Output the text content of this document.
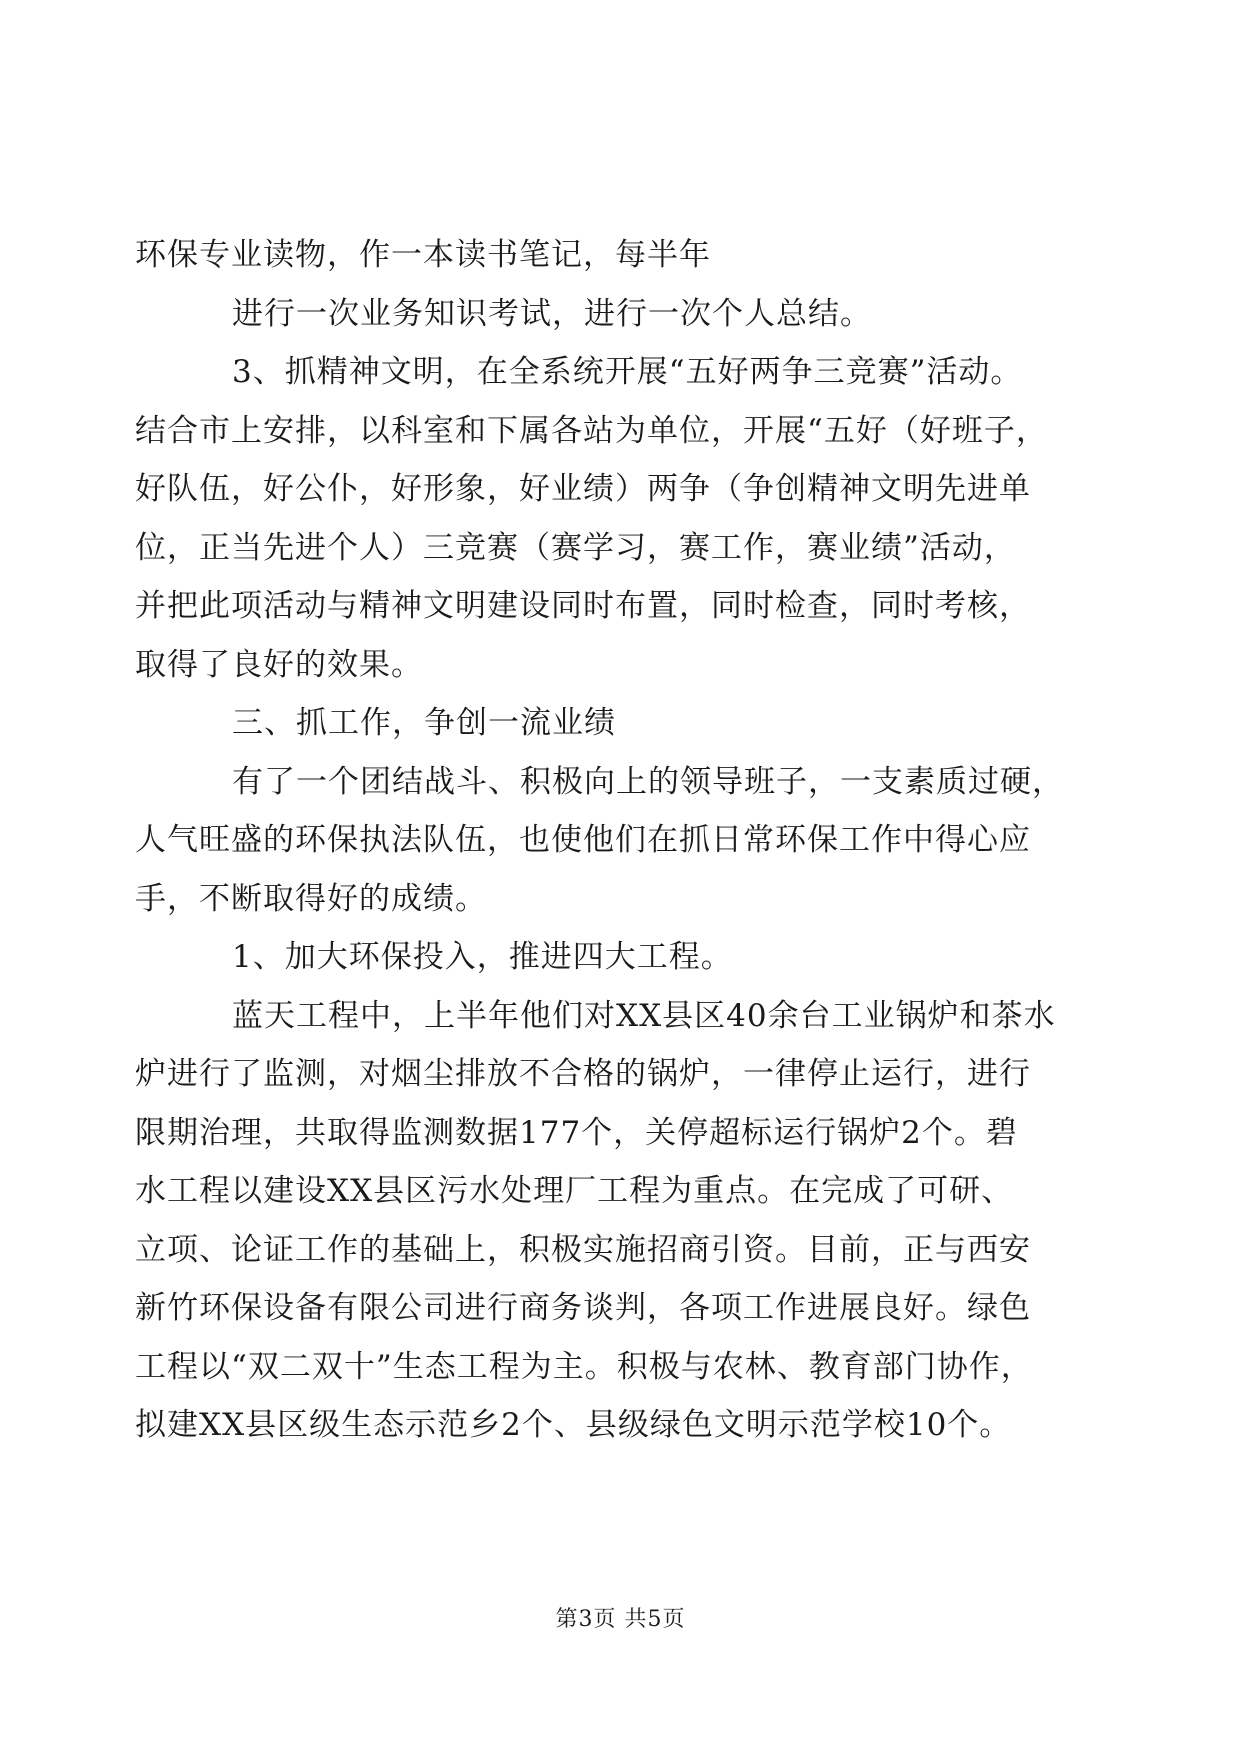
环保专业读物，作一本读书笔记，每半年
进行一次业务知识考试，进行一次个人总结。
3、抓精神文明，在全系统开展“五好两争三竞赛”活动。
结合市上安排，以科室和下属各站为单位，开展“五好（好班子，
好队伍，好公仆，好形象，好业绩）两争（争创精神文明先进单
位，正当先进个人）三竞赛（赛学习，赛工作，赛业绩”活动，
并把此项活动与精神文明建设同时布置，同时检查，同时考核，
取得了良好的效果。
三、抓工作，争创一流业绩
有了一个团结战斗、积极向上的领导班子，一支素质过硬，
人气旺盛的环保执法队伍，也使他们在抓日常环保工作中得心应
手，不断取得好的成绩。
1、加大环保投入，推进四大工程。
蓝天工程中，上半年他们对XX县区40余台工业锅炉和茶水
炉进行了监测，对烟尘排放不合格的锅炉，一律停止运行，进行
限期治理，共取得监测数据177个，关停超标运行锅炉2个。碧
水工程以建设XX县区污水处理厂工程为重点。在完成了可研、
立项、论证工作的基础上，积极实施招商引资。目前，正与西安
新竹环保设备有限公司进行商务谈判，各项工作进展良好。绿色
工程以“双二双十”生态工程为主。积极与农林、教育部门协作，
拟建XX县区级生态示范乡2个、县级绿色文明示范学校10个。
第3页 共5页
